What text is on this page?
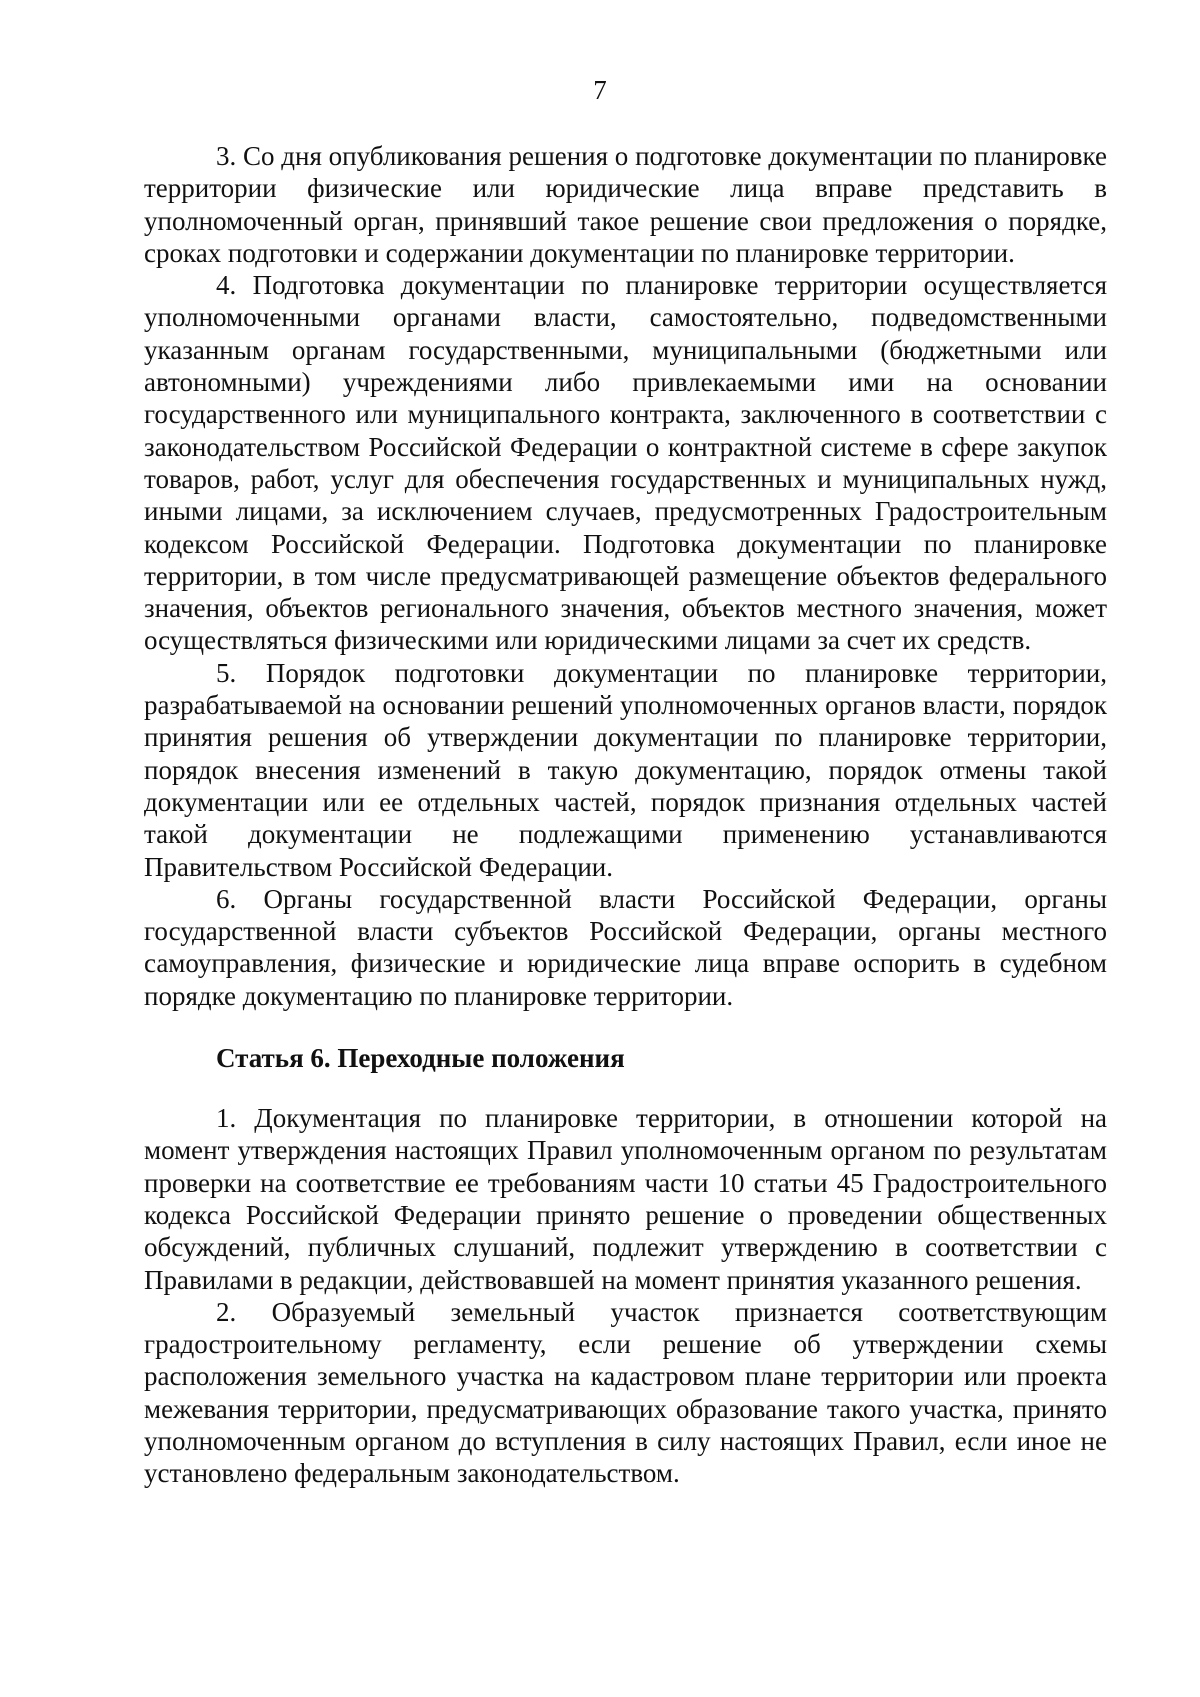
7

3. Со дня опубликования решения о подготовке документации по планировке территории физические или юридические лица вправе представить в уполномоченный орган, принявший такое решение свои предложения о порядке, сроках подготовки и содержании документации по планировке территории.

4. Подготовка документации по планировке территории осуществляется уполномоченными органами власти, самостоятельно, подведомственными указанным органам государственными, муниципальными (бюджетными или автономными) учреждениями либо привлекаемыми ими на основании государственного или муниципального контракта, заключенного в соответствии с законодательством Российской Федерации о контрактной системе в сфере закупок товаров, работ, услуг для обеспечения государственных и муниципальных нужд, иными лицами, за исключением случаев, предусмотренных Градостроительным кодексом Российской Федерации. Подготовка документации по планировке территории, в том числе предусматривающей размещение объектов федерального значения, объектов регионального значения, объектов местного значения, может осуществляться физическими или юридическими лицами за счет их средств.

5. Порядок подготовки документации по планировке территории, разрабатываемой на основании решений уполномоченных органов власти, порядок принятия решения об утверждении документации по планировке территории, порядок внесения изменений в такую документацию, порядок отмены такой документации или ее отдельных частей, порядок признания отдельных частей такой документации не подлежащими применению устанавливаются Правительством Российской Федерации.

6. Органы государственной власти Российской Федерации, органы государственной власти субъектов Российской Федерации, органы местного самоуправления, физические и юридические лица вправе оспорить в судебном порядке документацию по планировке территории.

Статья 6. Переходные положения

1. Документация по планировке территории, в отношении которой на момент утверждения настоящих Правил уполномоченным органом по результатам проверки на соответствие ее требованиям части 10 статьи 45 Градостроительного кодекса Российской Федерации принято решение о проведении общественных обсуждений, публичных слушаний, подлежит утверждению в соответствии с Правилами в редакции, действовавшей на момент принятия указанного решения.

2. Образуемый земельный участок признается соответствующим градостроительному регламенту, если решение об утверждении схемы расположения земельного участка на кадастровом плане территории или проекта межевания территории, предусматривающих образование такого участка, принято уполномоченным органом до вступления в силу настоящих Правил, если иное не установлено федеральным законодательством.
